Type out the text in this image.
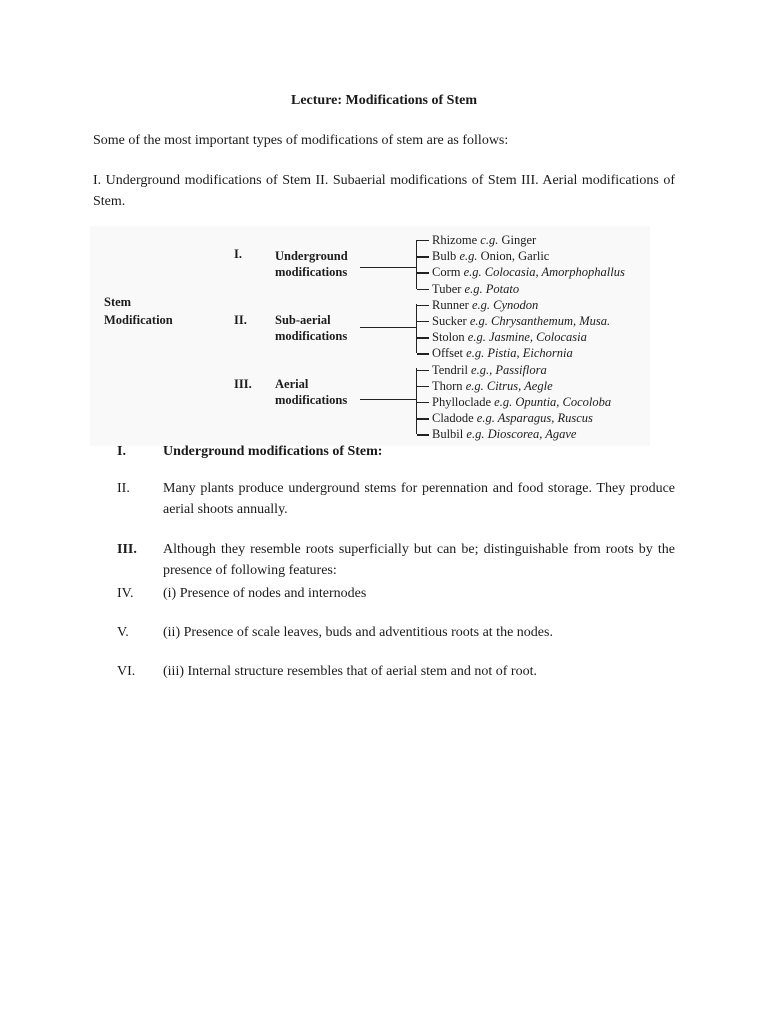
Lecture: Modifications of Stem
Some of the most important types of modifications of stem are as follows:
I. Underground modifications of Stem II. Subaerial modifications of Stem III. Aerial modifications of Stem.
Stem
Modification
I.	Underground
modifications
II. Sub-aerial
modifications
III. Aerial
modifications
Rhizome c.g. Ginger
Bulb e.g. Onion, Garlic
Corm e.g. Colocasia, Amorphophallus
Tuber e.g. Potato
Runner e.g. Cynodon
Sucker e.g. Chrysanthemum, Musa.
Stolon e.g. Jasmine, Colocasia
Offset e.g. Pistia, Eichornia
Tendril e.g., Passiflora
Thorn e.g. Citrus, Aegle
Phylloclade e.g. Opuntia, Cocoloba
Cladode e.g. Asparagus, Ruscus
Bulbil e.g. Dioscorea, Agave
I.	Underground modifications of Stem:
II. Many plants produce underground stems for perennation and food storage. They produce aerial shoots annually.
III. Although they resemble roots superficially but can be; distinguishable from roots by the presence of following features:
IV. (i) Presence of nodes and internodes
V. (ii) Presence of scale leaves, buds and adventitious roots at the nodes.
VI. (iii) Internal structure resembles that of aerial stem and not of root.
